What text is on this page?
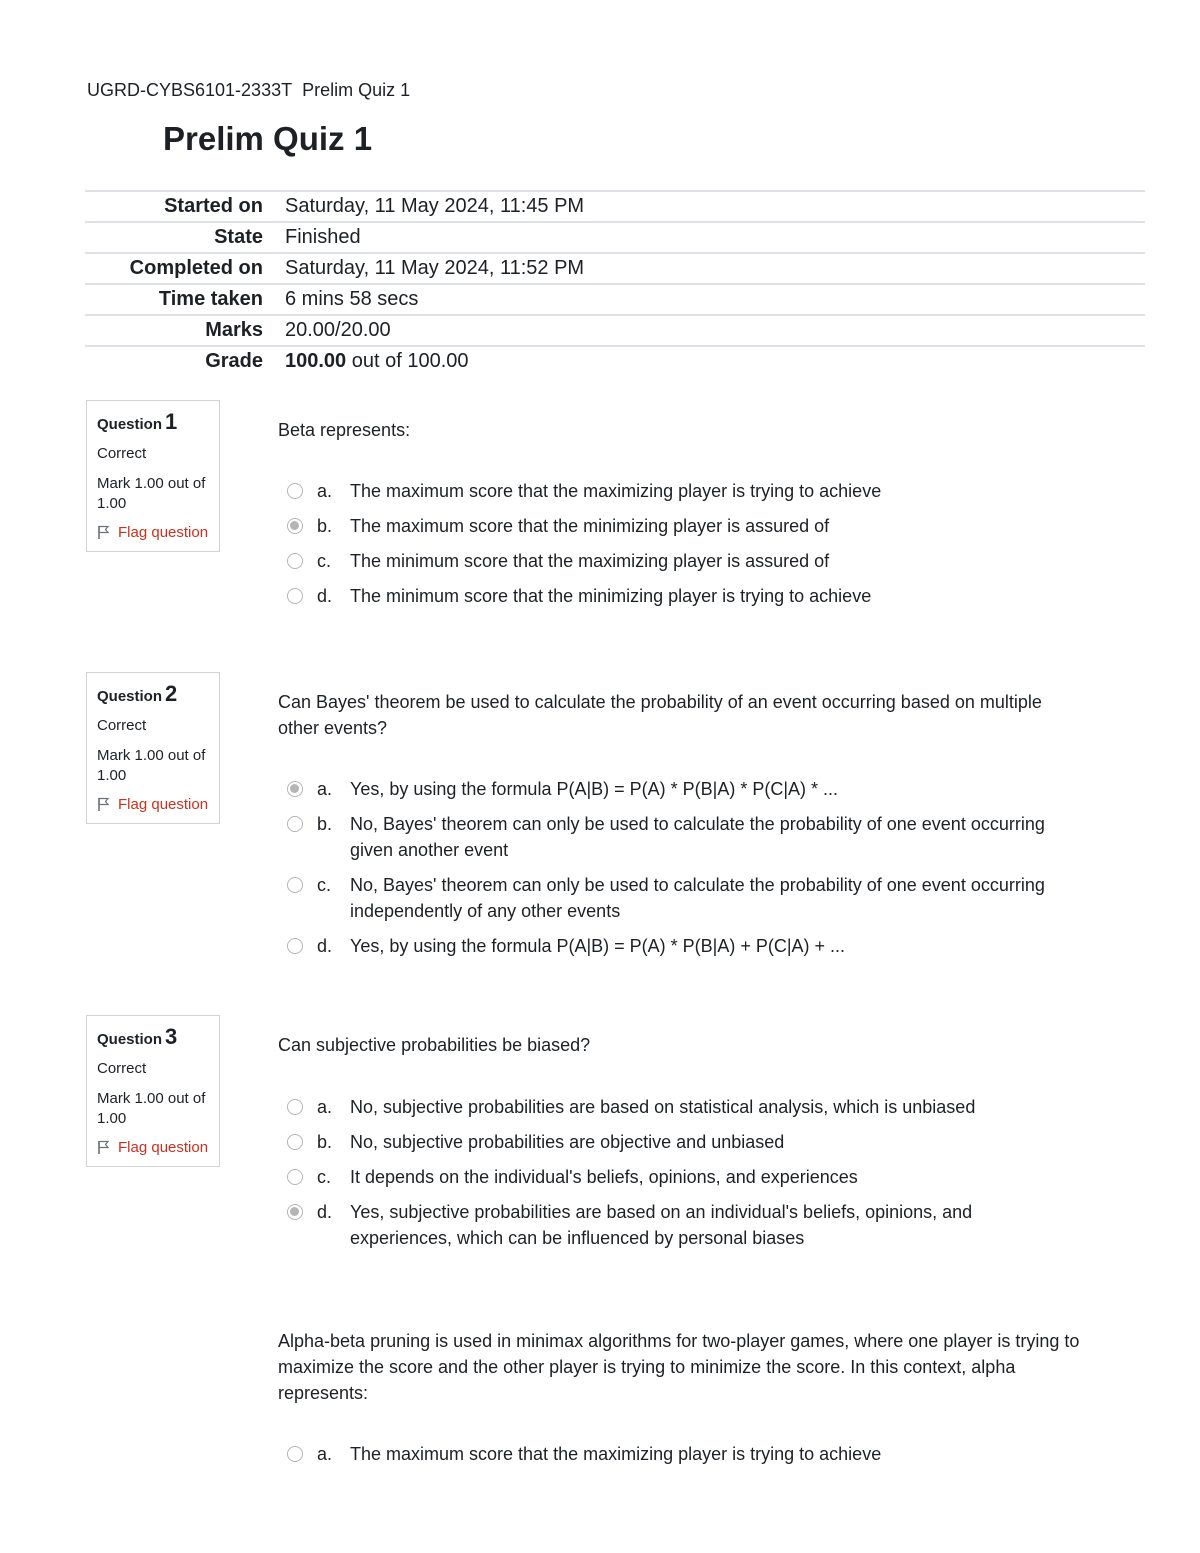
UGRD-CYBS6101-2333T Prelim Quiz 1
Prelim Quiz 1
Started on	Saturday, 11 May 2024, 11:45 PM
State	Finished
Completed on	Saturday, 11 May 2024, 11:52 PM
Time taken	6 mins 58 secs
Marks	20.00/20.00
Grade	100.00 out of 100.00
Question 1
Correct
Mark 1.00 out of 1.00
Flag question
Beta represents:
a. The maximum score that the maximizing player is trying to achieve
b. The maximum score that the minimizing player is assured of
c.	The minimum score that the maximizing player is assured of
d. The minimum score that the minimizing player is trying to achieve
Question 2
Correct
Mark 1.00 out of 1.00
Flag question
Can Bayes' theorem be used to calculate the probability of an event occurring based on multiple other events?
a. Yes, by using the formula P(A|B) = P(A) * P(B|A) * P(C|A) * ...
b. No, Bayes' theorem can only be used to calculate the probability of one event occurring given another event
c.	No, Bayes' theorem can only be used to calculate the probability of one event occurring independently of any other events
d. Yes, by using the formula P(A|B) = P(A) * P(B|A) + P(C|A) + ...
Question 3
Correct
Mark 1.00 out of 1.00
Flag question
Can subjective probabilities be biased?
a. No, subjective probabilities are based on statistical analysis, which is unbiased
b. No, subjective probabilities are objective and unbiased
c.	It depends on the individual's beliefs, opinions, and experiences
d. Yes, subjective probabilities are based on an individual's beliefs, opinions, and experiences, which can be influenced by personal biases
Alpha-beta pruning is used in minimax algorithms for two-player games, where one player is trying to maximize the score and the other player is trying to minimize the score. In this context, alpha represents:
a. The maximum score that the maximizing player is trying to achieve
